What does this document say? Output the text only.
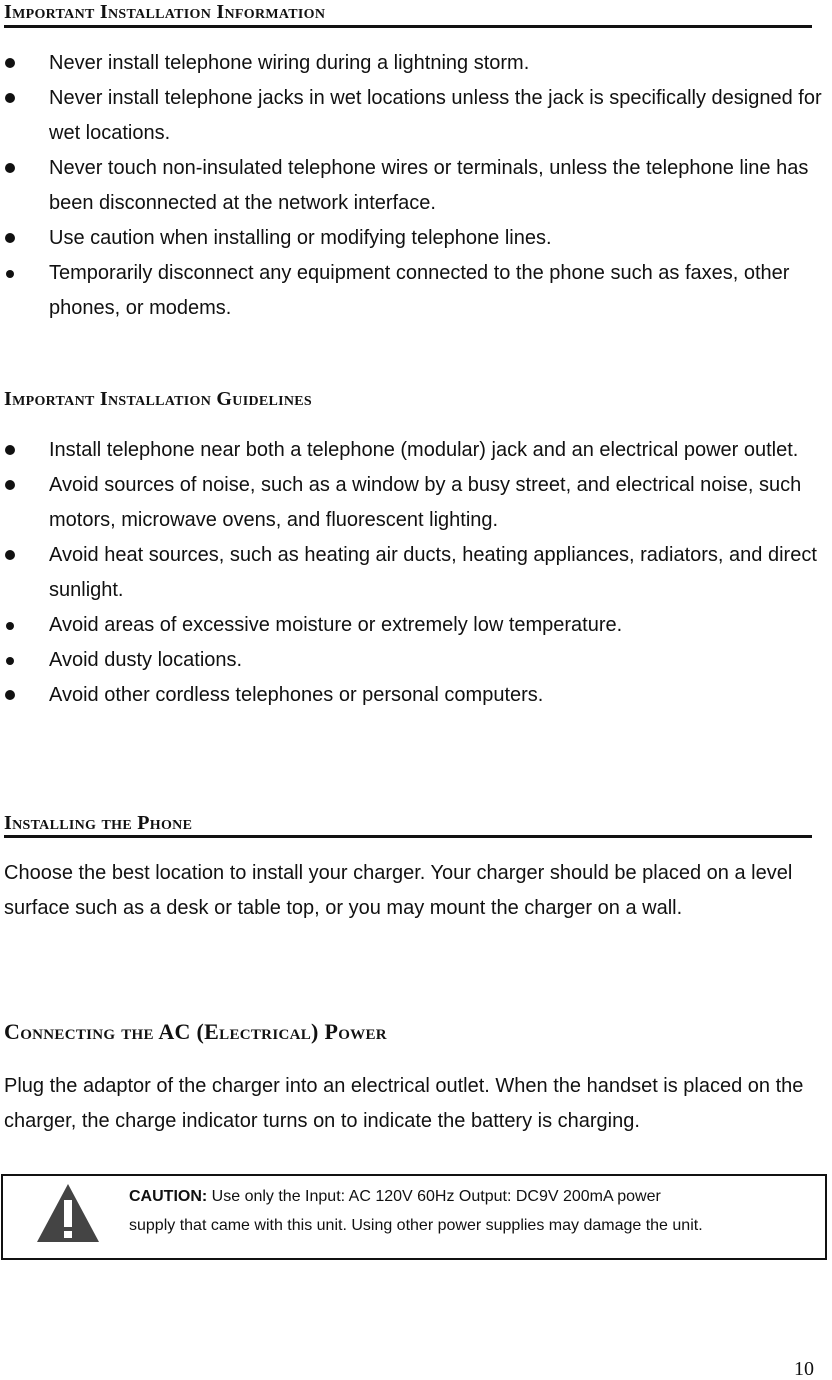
Important Installation Information
Never install telephone wiring during a lightning storm.
Never install telephone jacks in wet locations unless the jack is specifically designed for wet locations.
Never touch non-insulated telephone wires or terminals, unless the telephone line has been disconnected at the network interface.
Use caution when installing or modifying telephone lines.
Temporarily disconnect any equipment connected to the phone such as faxes, other phones, or modems.
Important Installation Guidelines
Install telephone near both a telephone (modular) jack and an electrical power outlet.
Avoid sources of noise, such as a window by a busy street, and electrical noise, such motors, microwave ovens, and fluorescent lighting.
Avoid heat sources, such as heating air ducts, heating appliances, radiators, and direct sunlight.
Avoid areas of excessive moisture or extremely low temperature.
Avoid dusty locations.
Avoid other cordless telephones or personal computers.
Installing the Phone

Choose the best location to install your charger. Your charger should be placed on a level surface such as a desk or table top, or you may mount the charger on a wall.

Connecting the AC (Electrical) Power

Plug the adaptor of the charger into an electrical outlet. When the handset is placed on the charger, the charge indicator turns on to indicate the battery is charging.

CAUTION: Use only the Input: AC 120V 60Hz Output: DC9V 200mA power
supply that came with this unit. Using other power supplies may damage the unit.
10
